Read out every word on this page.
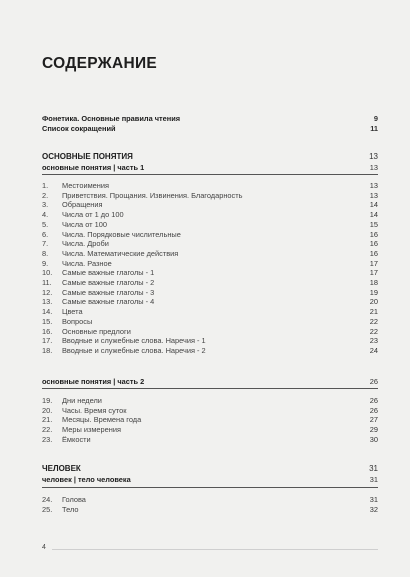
СОДЕРЖАНИЕ
Фонетика. Основные правила чтения	9
Список сокращений	11
ОСНОВНЫЕ ПОНЯТИЯ	13
основные понятия | часть 1	13
1.	Местоимения	13
2.	Приветствия. Прощания. Извинения. Благодарность	13
3.	Обращения	14
4.	Числа от 1 до 100	14
5.	Числа от 100	15
6.	Числа. Порядковые числительные	16
7.	Числа. Дроби	16
8.	Числа. Математические действия	16
9.	Числа. Разное	17
10.	Самые важные глаголы - 1	17
11.	Самые важные глаголы - 2	18
12.	Самые важные глаголы - 3	19
13.	Самые важные глаголы - 4	20
14.	Цвета	21
15.	Вопросы	22
16.	Основные предлоги	22
17.	Вводные и служебные слова. Наречия - 1	23
18.	Вводные и служебные слова. Наречия - 2	24
основные понятия | часть 2	26
19.	Дни недели	26
20.	Часы. Время суток	26
21.	Месяцы. Времена года	27
22.	Меры измерения	29
23.	Ёмкости	30
ЧЕЛОВЕК	31
человек | тело человека	31
24.	Голова	31
25.	Тело	32
4
